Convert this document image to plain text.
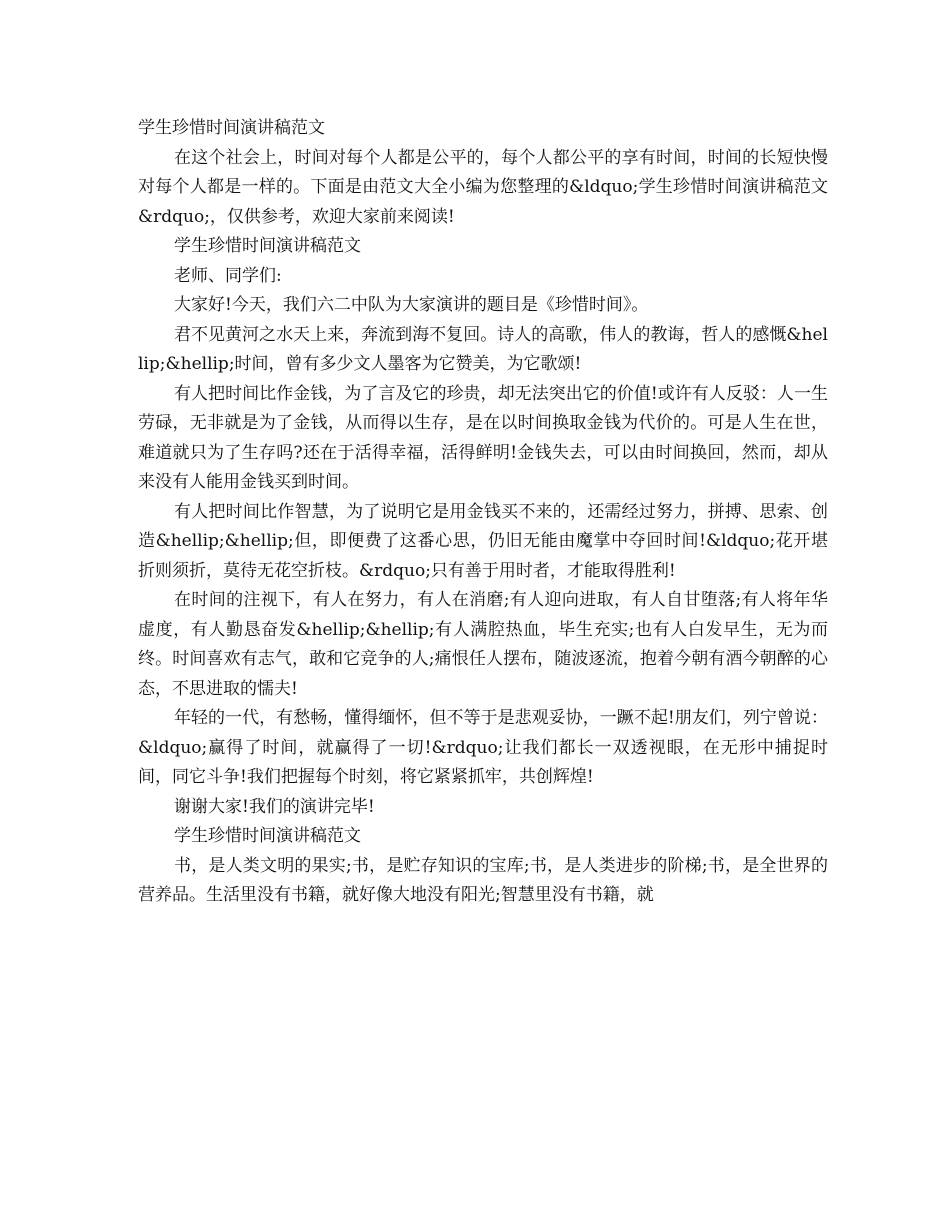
学生珍惜时间演讲稿范文

在这个社会上，时间对每个人都是公平的，每个人都公平的享有时间，时间的长短快慢对每个人都是一样的。下面是由范文大全小编为您整理的&ldquo;学生珍惜时间演讲稿范文&rdquo;，仅供参考，欢迎大家前来阅读!

学生珍惜时间演讲稿范文

老师、同学们:

大家好!今天，我们六二中队为大家演讲的题目是《珍惜时间》。

君不见黄河之水天上来，奔流到海不复回。诗人的高歌，伟人的教诲，哲人的感慨&hellip;&hellip;时间，曾有多少文人墨客为它赞美，为它歌颂!

有人把时间比作金钱，为了言及它的珍贵，却无法突出它的价值!或许有人反驳：人一生劳碌，无非就是为了金钱，从而得以生存，是在以时间换取金钱为代价的。可是人生在世，难道就只为了生存吗?还在于活得幸福，活得鲜明!金钱失去，可以由时间换回，然而，却从来没有人能用金钱买到时间。

有人把时间比作智慧，为了说明它是用金钱买不来的，还需经过努力，拼搏、思索、创造&hellip;&hellip;但，即便费了这番心思，仍旧无能由魔掌中夺回时间!&ldquo;花开堪折则须折，莫待无花空折枝。&rdquo;只有善于用时者，才能取得胜利!

在时间的注视下，有人在努力，有人在消磨;有人迎向进取，有人自甘堕落;有人将年华虚度，有人勤恳奋发&hellip;&hellip;有人满腔热血，毕生充实;也有人白发早生，无为而终。时间喜欢有志气，敢和它竞争的人;痛恨任人摆布，随波逐流，抱着今朝有酒今朝醉的心态，不思进取的懦夫!

年轻的一代，有愁畅，懂得缅怀，但不等于是悲观妥协，一蹶不起!朋友们，列宁曾说：&ldquo;赢得了时间，就赢得了一切!&rdquo;让我们都长一双透视眼，在无形中捕捉时间，同它斗争!我们把握每个时刻，将它紧紧抓牢，共创辉煌!

谢谢大家!我们的演讲完毕!

学生珍惜时间演讲稿范文

书，是人类文明的果实;书，是贮存知识的宝库;书，是人类进步的阶梯;书，是全世界的营养品。生活里没有书籍，就好像大地没有阳光;智慧里没有书籍，就
